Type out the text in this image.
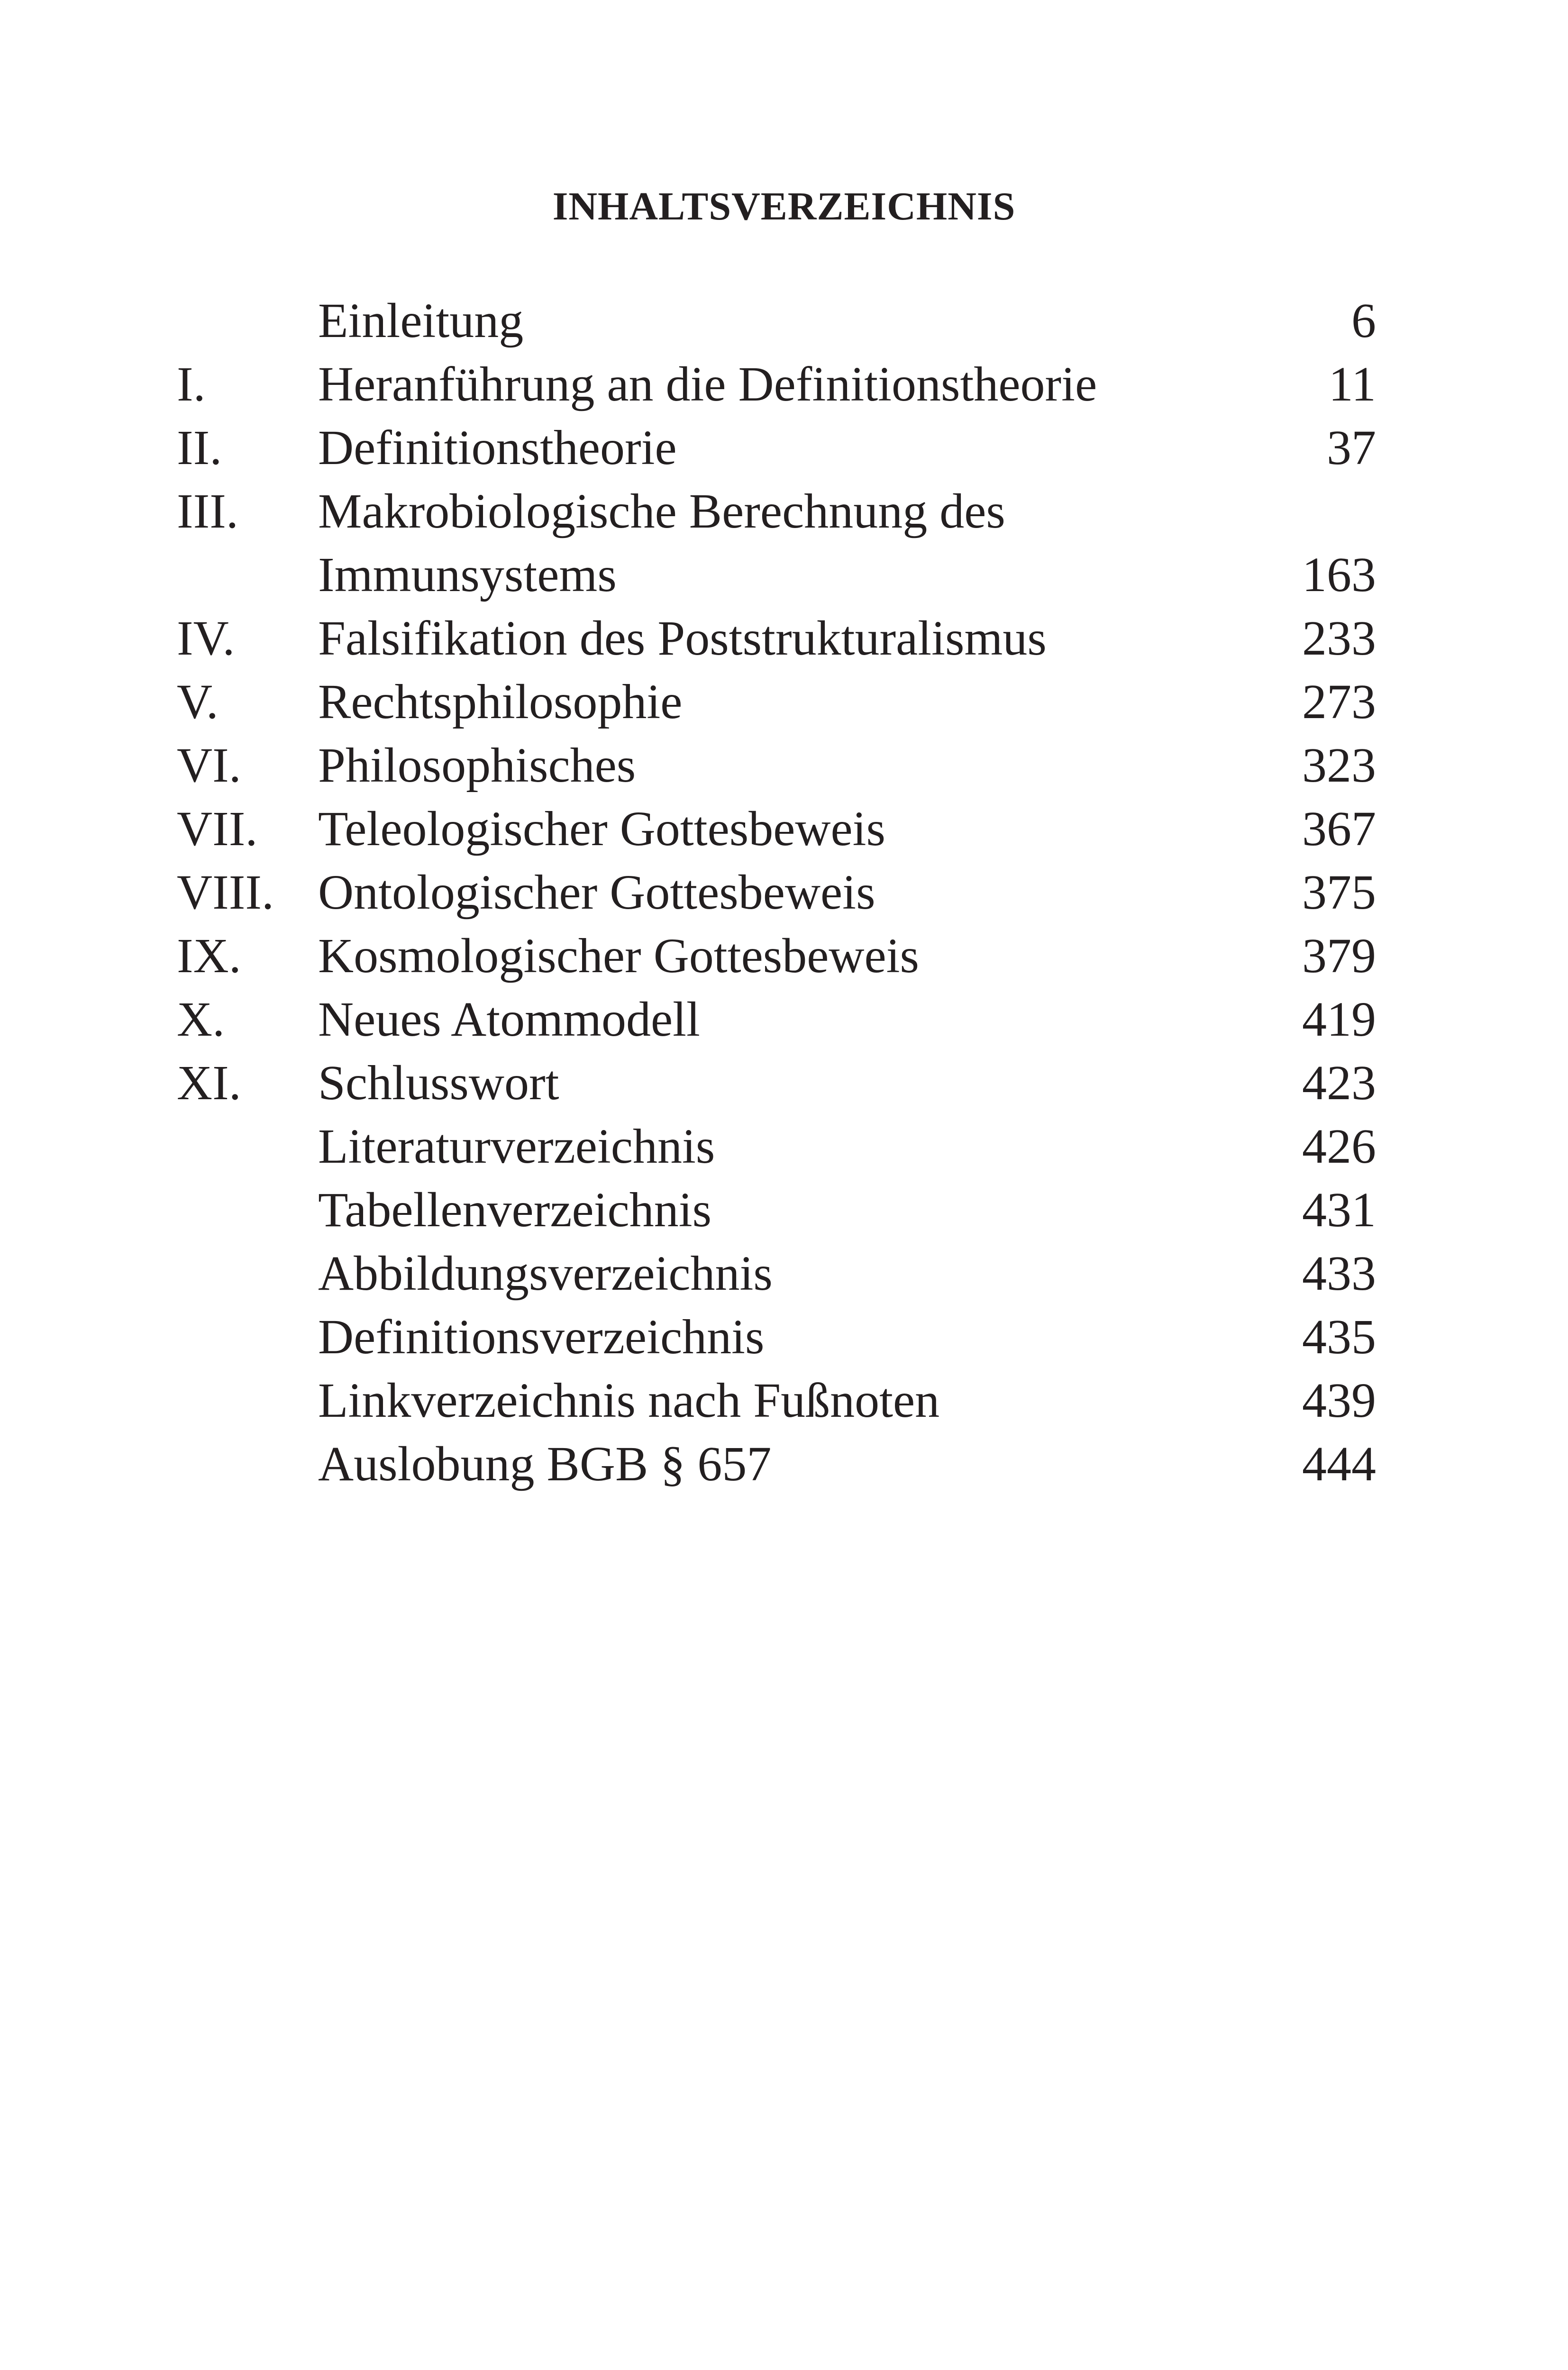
INHALTSVERZEICHNIS
Einleitung	6
I. Heranführung an die Definitionstheorie	11
II. Definitionstheorie	37
III. Makrobiologische Berechnung des
Immunsystems	163
IV. Falsifikation des Poststrukturalismus	233
V. Rechtsphilosophie	273
VI. Philosophisches	323
VII. Teleologischer Gottesbeweis	367
VIII. Ontologischer Gottesbeweis	375
IX. Kosmologischer Gottesbeweis	379
X. Neues Atommodell	419
XI. Schlusswort	423
Literaturverzeichnis	426
Tabellenverzeichnis	431
Abbildungsverzeichnis	433
Definitionsverzeichnis	435
Linkverzeichnis nach Fußnoten	439
Auslobung BGB § 657	444
